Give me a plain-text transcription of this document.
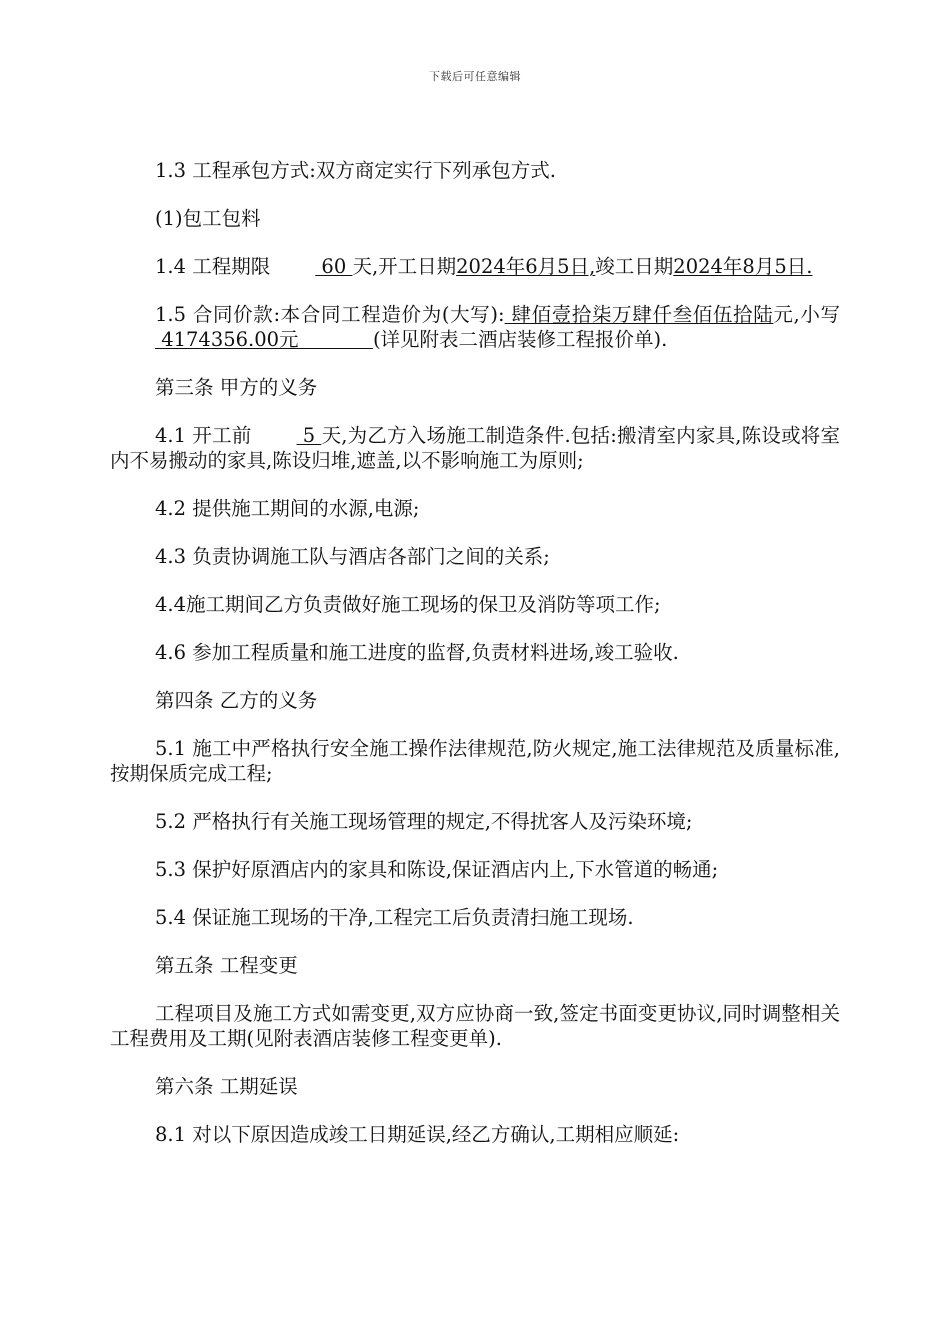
下载后可任意编辑

1.3 工程承包方式:双方商定实行下列承包方式.

(1)包工包料

1.4 工程期限 60 天,开工日期2024年6月5日,竣工日期2024年8月5日.

1.5 合同价款:本合同工程造价为(大写): 肆佰壹拾柒万肆仟叁佰伍拾陆元,小写 4174356.00元            (详见附表二酒店装修工程报价单).

第三条 甲方的义务

4.1 开工前 5 天,为乙方入场施工制造条件.包括:搬清室内家具,陈设或将室内不易搬动的家具,陈设归堆,遮盖,以不影响施工为原则;

4.2 提供施工期间的水源,电源;

4.3 负责协调施工队与酒店各部门之间的关系;

4.4施工期间乙方负责做好施工现场的保卫及消防等项工作;

4.6 参加工程质量和施工进度的监督,负责材料进场,竣工验收.

第四条 乙方的义务

5.1 施工中严格执行安全施工操作法律规范,防火规定,施工法律规范及质量标准,按期保质完成工程;

5.2 严格执行有关施工现场管理的规定,不得扰客人及污染环境;

5.3 保护好原酒店内的家具和陈设,保证酒店内上,下水管道的畅通;

5.4 保证施工现场的干净,工程完工后负责清扫施工现场.

第五条 工程变更

工程项目及施工方式如需变更,双方应协商一致,签定书面变更协议,同时调整相关工程费用及工期(见附表酒店装修工程变更单).

第六条 工期延误

8.1 对以下原因造成竣工日期延误,经乙方确认,工期相应顺延:
